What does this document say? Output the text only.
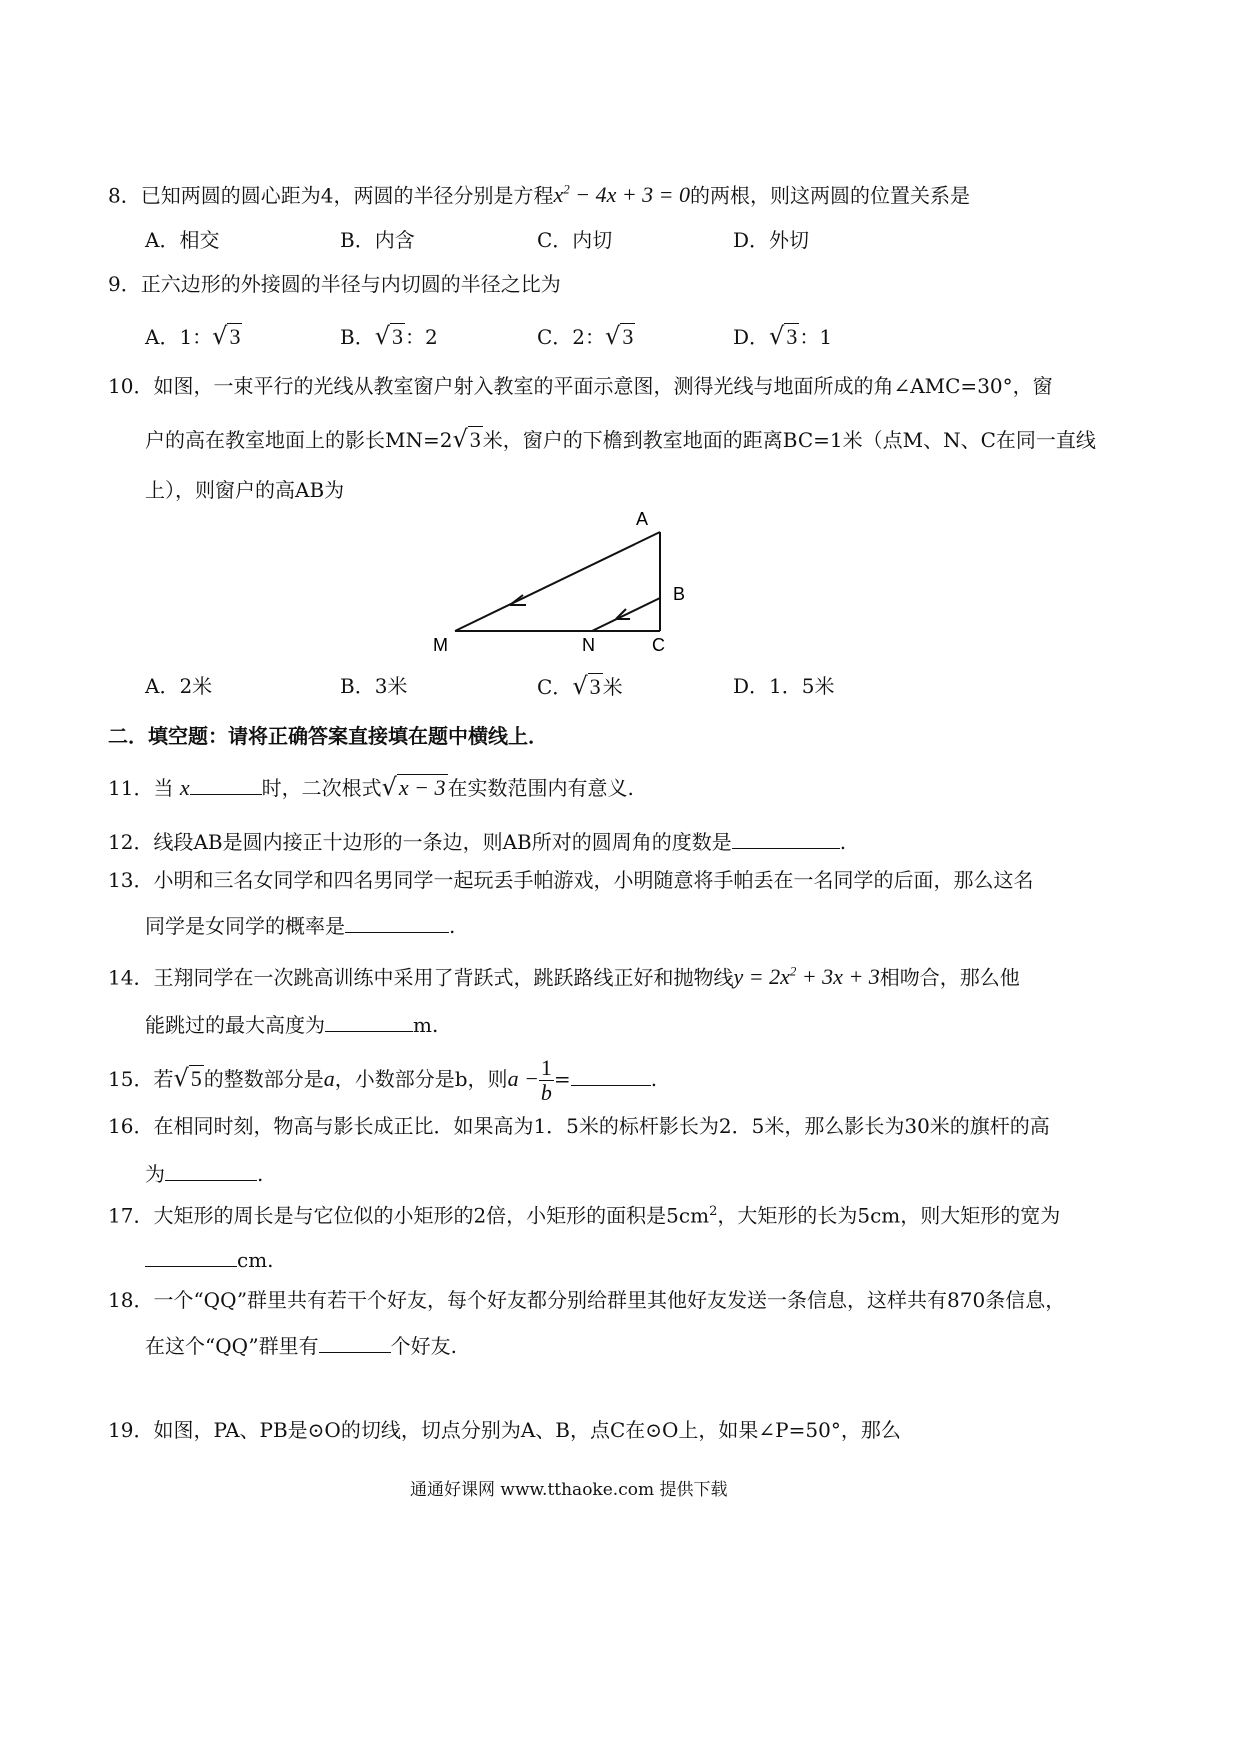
8．已知两圆的圆心距为4，两圆的半径分别是方程$x^2 - 4x + 3 = 0$的两根，则这两圆的位置关系是
A．相交	B．内含	C．内切	D．外切
9．正六边形的外接圆的半径与内切圆的半径之比为
A．1：√3	B．√3 ：2	C．2：√3	D．√3 ：1
10．如图，一束平行的光线从教室窗户射入教室的平面示意图，测得光线与地面所成的角∠AMC=30°，窗
户的高在教室地面上的影长MN=2√3 米，窗户的下檐到教室地面的距离BC=1米（点M、N、C在同一直线
上），则窗户的高AB为
A
B
C
M	N
A．2米	B．3米	C．√3 米	D．1．5米
二．填空题：请将正确答案直接填在题中横线上．
11．当 x	时，二次根式√x − 3 在实数范围内有意义.
12．线段AB是圆内接正十边形的一条边，则AB所对的圆周角的度数是	.
13．小明和三名女同学和四名男同学一起玩丢手帕游戏，小明随意将手帕丢在一名同学的后面，那么这名
同学是女同学的概率是	.
14．王翔同学在一次跳高训练中采用了背跃式，跳跃路线正好和抛物线$y = 2x^2 + 3x + 3$相吻合，那么他
能跳过的最大高度为	m.
15．若√5 的整数部分是a，小数部分是b，则$a - \frac{1}{b}$ =	.
16．在相同时刻，物高与影长成正比．如果高为1．5米的标杆影长为2．5米，那么影长为30米的旗杆的高
为	.
17．大矩形的周长是与它位似的小矩形的2倍，小矩形的面积是$5cm^2$，大矩形的长为5cm，则大矩形的宽为
cm.
18．一个“QQ”群里共有若干个好友，每个好友都分别给群里其他好友发送一条信息，这样共有870条信息，
在这个“QQ”群里有	个好友.
19．如图，PA、PB是⊙O的切线，切点分别为A、B，点C在⊙O上，如果∠P=50°，那么
通通好课网 www.tthaoke.com 提供下载
